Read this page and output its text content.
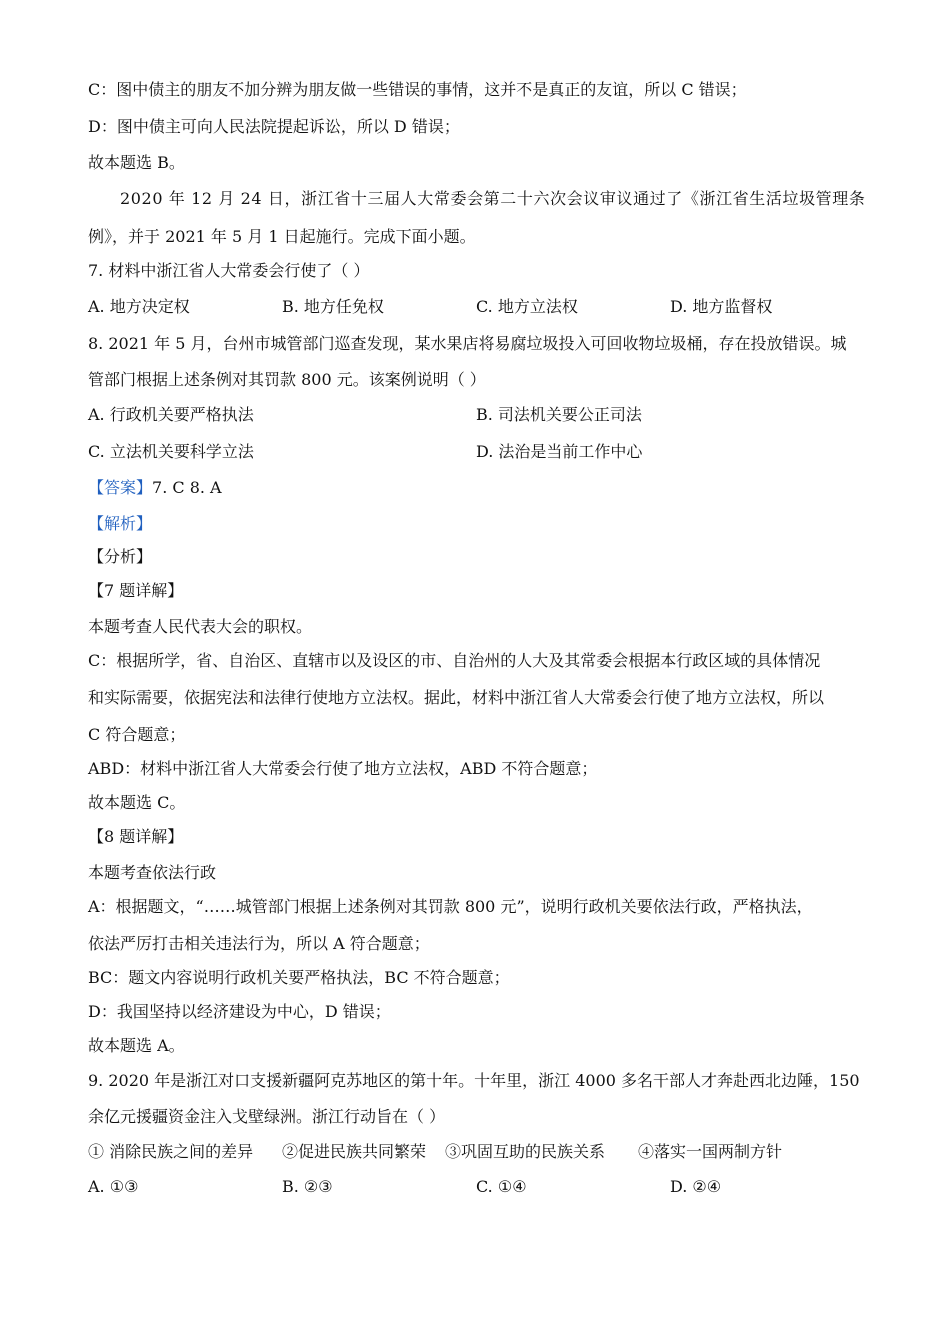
C：图中债主的朋友不加分辨为朋友做一些错误的事情，这并不是真正的友谊，所以 C 错误；
D：图中债主可向人民法院提起诉讼，所以 D 错误；
故本题选 B。
2020 年 12 月 24 日，浙江省十三届人大常委会第二十六次会议审议通过了《浙江省生活垃圾管理条
例》，并于 2021 年 5 月 1 日起施行。完成下面小题。
7. 材料中浙江省人大常委会行使了（ ）
A. 地方决定权	B. 地方任免权	C. 地方立法权	D. 地方监督权
8. 2021 年 5 月，台州市城管部门巡查发现，某水果店将易腐垃圾投入可回收物垃圾桶，存在投放错误。城
管部门根据上述条例对其罚款 800 元。该案例说明（ ）
A. 行政机关要严格执法	B. 司法机关要公正司法
C. 立法机关要科学立法	D. 法治是当前工作中心
【答案】7. C 8. A
【解析】
【分析】
【7 题详解】
本题考查人民代表大会的职权。
C：根据所学，省、自治区、直辖市以及设区的市、自治州的人大及其常委会根据本行政区域的具体情况
和实际需要，依据宪法和法律行使地方立法权。据此，材料中浙江省人大常委会行使了地方立法权，所以
C 符合题意；
ABD：材料中浙江省人大常委会行使了地方立法权，ABD 不符合题意；
故本题选 C。
【8 题详解】
本题考查依法行政
A：根据题文，“……城管部门根据上述条例对其罚款 800 元”，说明行政机关要依法行政，严格执法，
依法严厉打击相关违法行为，所以 A 符合题意；
BC：题文内容说明行政机关要严格执法，BC 不符合题意；
D：我国坚持以经济建设为中心，D 错误；
故本题选 A。
9. 2020 年是浙江对口支援新疆阿克苏地区的第十年。十年里，浙江 4000 多名干部人才奔赴西北边陲，150
余亿元援疆资金注入戈壁绿洲。浙江行动旨在（ ）
① 消除民族之间的差异 ②促进民族共同繁荣 ③巩固互助的民族关系 ④落实一国两制方针
A. ①③	B. ②③	C. ①④	D. ②④
